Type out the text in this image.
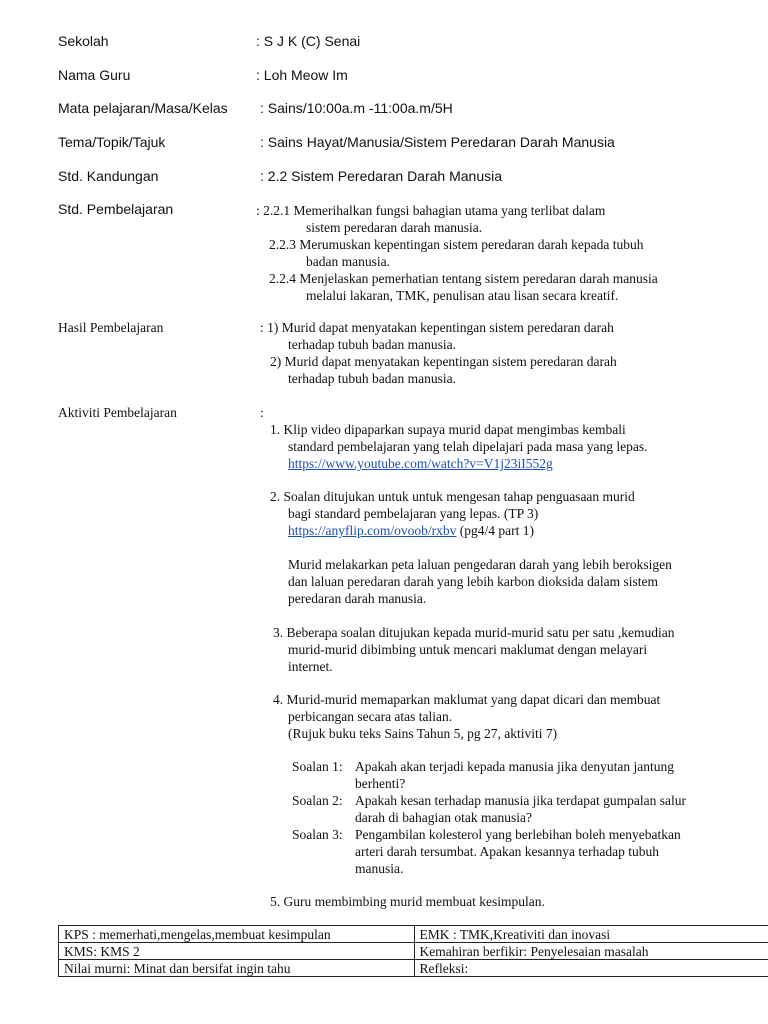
Sekolah	: S J K (C) Senai
Nama Guru	: Loh Meow Im
Mata pelajaran/Masa/Kelas : Sains/10:00a.m -11:00a.m/5H
Tema/Topik/Tajuk	: Sains Hayat/Manusia/Sistem Peredaran Darah Manusia
Std. Kandungan	: 2.2 Sistem Peredaran Darah Manusia
Std. Pembelajaran	: 2.2.1 Memerihalkan fungsi bahagian utama yang terlibat dalam
sistem peredaran darah manusia.
2.2.3 Merumuskan kepentingan sistem peredaran darah kepada tubuh
badan manusia.
2.2.4 Menjelaskan pemerhatian tentang sistem peredaran darah manusia
melalui lakaran, TMK, penulisan atau lisan secara kreatif.
Hasil Pembelajaran	: 1) Murid dapat menyatakan kepentingan sistem peredaran darah
terhadap tubuh badan manusia.
2) Murid dapat menyatakan kepentingan sistem peredaran darah
terhadap tubuh badan manusia.
Aktiviti Pembelajaran	:
1. Klip video dipaparkan supaya murid dapat mengimbas kembali
standard pembelajaran yang telah dipelajari pada masa yang lepas.
https://www.youtube.com/watch?v=V1j23iI552g
2. Soalan ditujukan untuk untuk mengesan tahap penguasaan murid
bagi standard pembelajaran yang lepas. (TP 3)
https://anyflip.com/ovoob/rxbv (pg4/4 part 1)
Murid melakarkan peta laluan pengedaran darah yang lebih beroksigen
dan laluan peredaran darah yang lebih karbon dioksida dalam sistem
peredaran darah manusia.
3. Beberapa soalan ditujukan kepada murid-murid satu per satu ,kemudian
murid-murid dibimbing untuk mencari maklumat dengan melayari
internet.
4. Murid-murid memaparkan maklumat yang dapat dicari dan membuat
perbicangan secara atas talian.
(Rujuk buku teks Sains Tahun 5, pg 27, aktiviti 7)
Soalan 1: Apakah akan terjadi kepada manusia jika denyutan jantung
berhenti?
Soalan 2: Apakah kesan terhadap manusia jika terdapat gumpalan salur
darah di bahagian otak manusia?
Soalan 3: Pengambilan kolesterol yang berlebihan boleh menyebatkan
arteri darah tersumbat. Apakan kesannya terhadap tubuh
manusia.
5. Guru membimbing murid membuat kesimpulan.
KPS : memerhati,mengelas,membuat kesimpulan	EMK : TMK,Kreativiti dan inovasi
KMS: KMS 2	Kemahiran berfikir: Penyelesaian masalah
Nilai murni: Minat dan bersifat ingin tahu	Refleksi:
